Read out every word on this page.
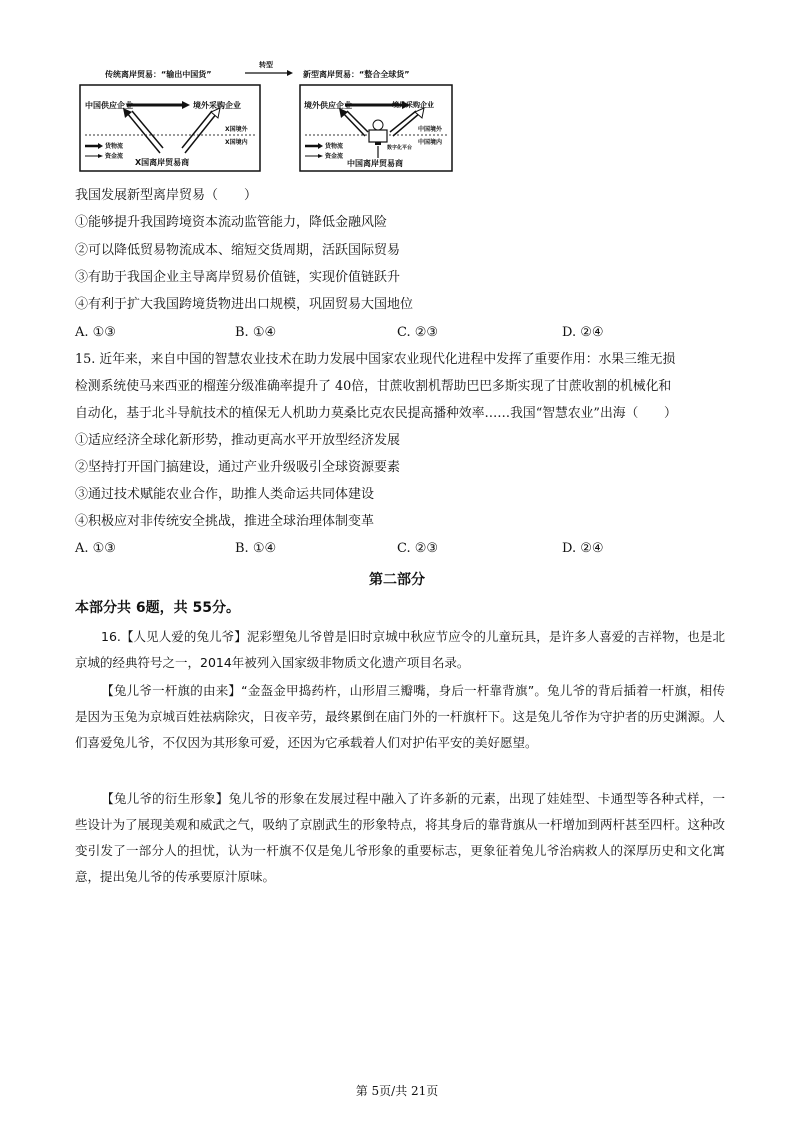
传统离岸贸易：“输出中国货”
转型
新型离岸贸易：“整合全球货”
中国供应企业	境外采购企业
X国境外
X国境内
货物流
资金流
X国离岸贸易商
境外供应企业	境外采购企业
数字化平台
中国境外
中国境内
货物流
资金流
中国离岸贸易商
我国发展新型离岸贸易（　　）
①能够提升我国跨境资本流动监管能力，降低金融风险
②可以降低贸易物流成本、缩短交货周期，活跃国际贸易
③有助于我国企业主导离岸贸易价值链，实现价值链跃升
④有利于扩大我国跨境货物进出口规模，巩固贸易大国地位
A. ①③	B. ①④	C. ②③	D. ②④
15. 近年来，来自中国的智慧农业技术在助力发展中国家农业现代化进程中发挥了重要作用：水果三维无损
检测系统使马来西亚的榴莲分级准确率提升了 40倍，甘蔗收割机帮助巴巴多斯实现了甘蔗收割的机械化和
自动化，基于北斗导航技术的植保无人机助力莫桑比克农民提高播种效率……我国“智慧农业”出海（　　）
①适应经济全球化新形势，推动更高水平开放型经济发展
②坚持打开国门搞建设，通过产业升级吸引全球资源要素
③通过技术赋能农业合作，助推人类命运共同体建设
④积极应对非传统安全挑战，推进全球治理体制变革
A. ①③	B. ①④	C. ②③	D. ②④
第二部分
本部分共 6题，共 55分。
16.【人见人爱的兔儿爷】泥彩塑兔儿爷曾是旧时京城中秋应节应令的儿童玩具，是许多人喜爱的吉祥物，也是北京城的经典符号之一，2014年被列入国家级非物质文化遗产项目名录。
【兔儿爷一杆旗的由来】“金盔金甲捣药杵，山形眉三瓣嘴，身后一杆靠背旗”。兔儿爷的背后插着一杆旗，相传是因为玉兔为京城百姓祛病除灾，日夜辛劳，最终累倒在庙门外的一杆旗杆下。这是兔儿爷作为守护者的历史渊源。人们喜爱兔儿爷，不仅因为其形象可爱，还因为它承载着人们对护佑平安的美好愿望。
【兔儿爷的衍生形象】兔儿爷的形象在发展过程中融入了许多新的元素，出现了娃娃型、卡通型等各种式样，一些设计为了展现美观和威武之气，吸纳了京剧武生的形象特点，将其身后的靠背旗从一杆增加到两杆甚至四杆。这种改变引发了一部分人的担忧，认为一杆旗不仅是兔儿爷形象的重要标志，更象征着兔儿爷治病救人的深厚历史和文化寓意，提出兔儿爷的传承要原汁原味。
第 5页/共 21页
